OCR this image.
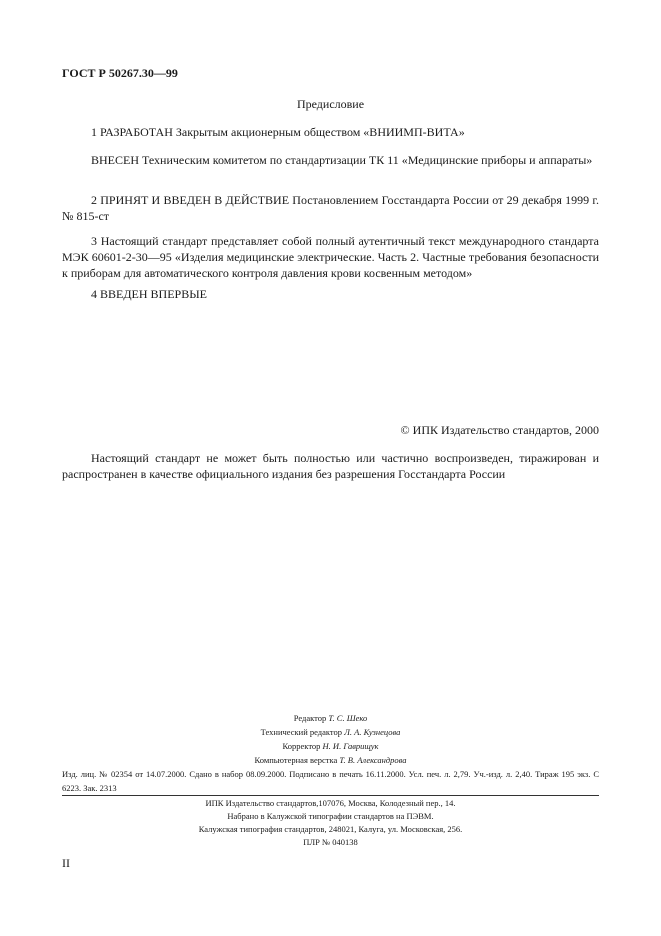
ГОСТ Р 50267.30—99
Предисловие

1 РАЗРАБОТАН Закрытым акционерным обществом «ВНИИМП-ВИТА»

ВНЕСЕН Техническим комитетом по стандартизации ТК 11 «Медицинские приборы и аппараты»

2 ПРИНЯТ И ВВЕДЕН В ДЕЙСТВИЕ Постановлением Госстандарта России от 29 декабря 1999 г. № 815-ст

3 Настоящий стандарт представляет собой полный аутентичный текст международного стандарта МЭК 60601-2-30—95 «Изделия медицинские электрические. Часть 2. Частные требования безопасности к приборам для автоматического контроля давления крови косвенным методом»

4 ВВЕДЕН ВПЕРВЫЕ

© ИПК Издательство стандартов, 2000

Настоящий стандарт не может быть полностью или частично воспроизведен, тиражирован и распространен в качестве официального издания без разрешения Госстандарта России

Редактор Т. С. Шеко
Технический редактор Л. А. Кузнецова
Корректор Н. И. Гаврищук
Компьютерная верстка Т. В. Александрова

Изд. лиц. № 02354 от 14.07.2000. Сдано в набор 08.09.2000. Подписано в печать 16.11.2000. Усл. печ. л. 2,79. Уч.-изд. л. 2,40. Тираж 195 экз. С 6223. Зак. 2313

ИПК Издательство стандартов,107076, Москва, Колодезный пер., 14.
Набрано в Калужской типографии стандартов на ПЭВМ.
Калужская типография стандартов, 248021, Калуга, ул. Московская, 256.
ПЛР № 040138
II
